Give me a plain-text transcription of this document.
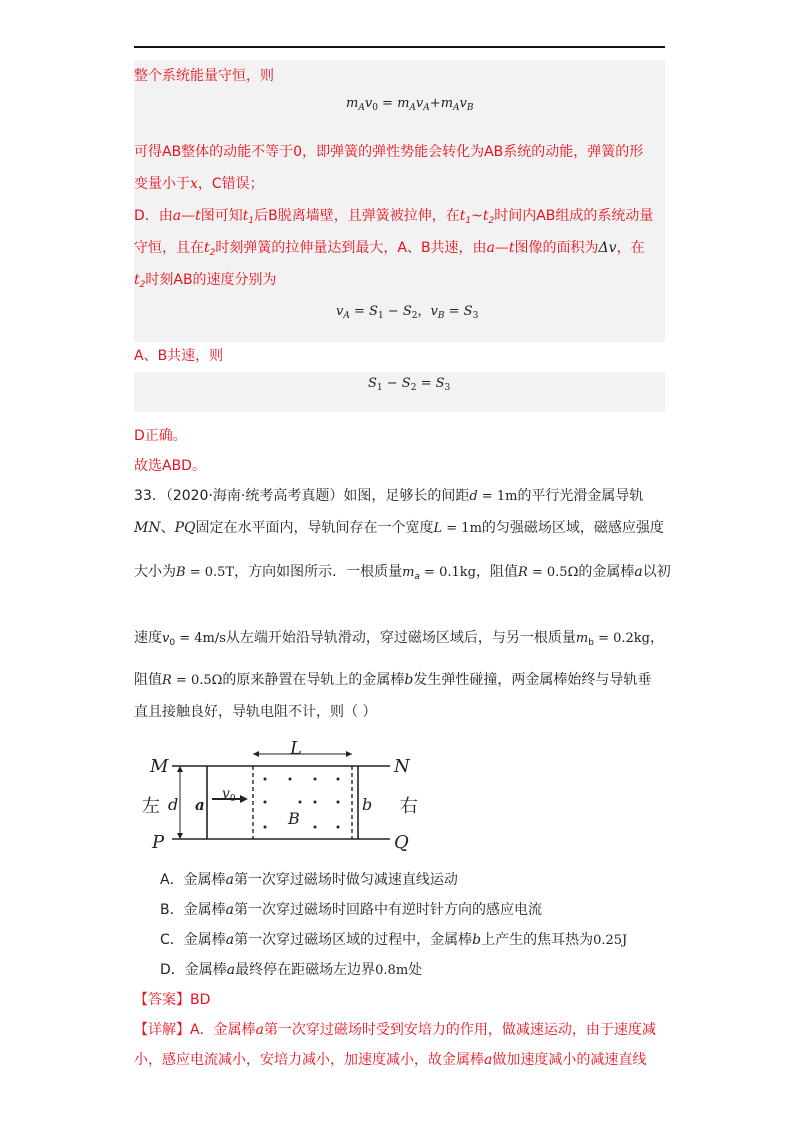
整个系统能量守恒，则
$m_Av_0 = m_Av_A+m_Av_B$
可得AB整体的动能不等于0，即弹簧的弹性势能会转化为AB系统的动能，弹簧的形
变量小于x，C错误；
D．由a—t图可知$t_1$后B脱离墙壁，且弹簧被拉伸，在$t_1\sim t_2$时间内AB组成的系统动量
守恒，且在$t_2$时刻弹簧的拉伸量达到最大，A、B共速，由a—t图像的面积为Δv，在
$t_2$时刻AB的速度分别为
$v_A = S_1 - S_2$，$v_B = S_3$
A、B共速，则
$S_1 - S_2 = S_3$
D正确。
故选ABD。
33．（2020·海南·统考高考真题）如图，足够长的间距d = 1m的平行光滑金属导轨
MN、PQ固定在水平面内，导轨间存在一个宽度L = 1m的匀强磁场区域，磁感应强度
大小为B = 0.5T，方向如图所示．一根质量$m_a = 0.1kg$，阻值R = 0.5Ω的金属棒a以初
速度$v_0 = 4m/s$从左端开始沿导轨滑动，穿过磁场区域后，与另一根质量$m_b = 0.2kg$，
阻值R = 0.5Ω的原来静置在导轨上的金属棒b发生弹性碰撞，两金属棒始终与导轨垂
直且接触良好，导轨电阻不计，则（ ）
M	N
P	Q
L
左	右
d a	b
$v_0$
B
A．金属棒a第一次穿过磁场时做匀减速直线运动
B．金属棒a第一次穿过磁场时回路中有逆时针方向的感应电流
C．金属棒a第一次穿过磁场区域的过程中，金属棒b上产生的焦耳热为0.25J
D．金属棒a最终停在距磁场左边界0.8m处
【答案】BD
【详解】A．金属棒a第一次穿过磁场时受到安培力的作用，做减速运动，由于速度减
小，感应电流减小，安培力减小，加速度减小，故金属棒a做加速度减小的减速直线
